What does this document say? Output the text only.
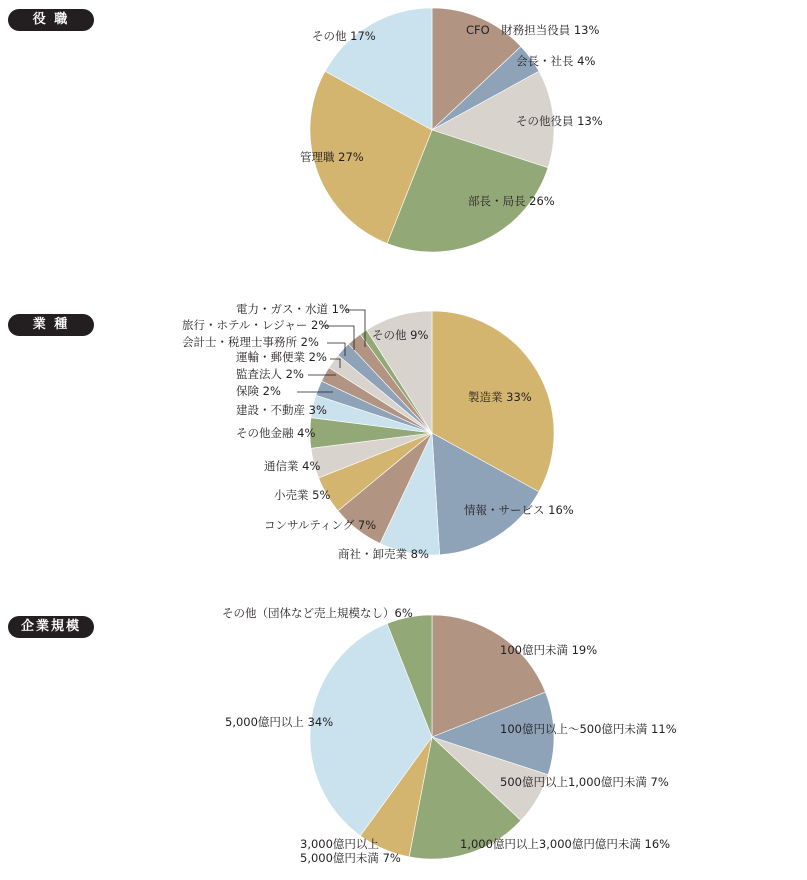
役 職
CFO　財務担当役員 13%
会長・社長 4%
その他役員 13%
部長・局長 26%
管理職 27%
その他 17%
業 種
製造業 33%
情報・サービス 16%
商社・卸売業 8%
コンサルティング 7%
小売業 5%
通信業 4%
その他金融 4%
建設・不動産 3%
保険 2%
監査法人 2%
運輸・郵便業 2%
会計士・税理士事務所 2%
旅行・ホテル・レジャー 2%
電力・ガス・水道 1%
その他 9%
企業規模
100億円未満 19%
100億円以上～500億円未満 11%
500億円以上1,000億円未満 7%
1,000億円以上3,000億円億円未満 16%
3,000億円以上 5,000億円未満 7%
5,000億円以上 34%
その他（団体など売上規模なし）6%
